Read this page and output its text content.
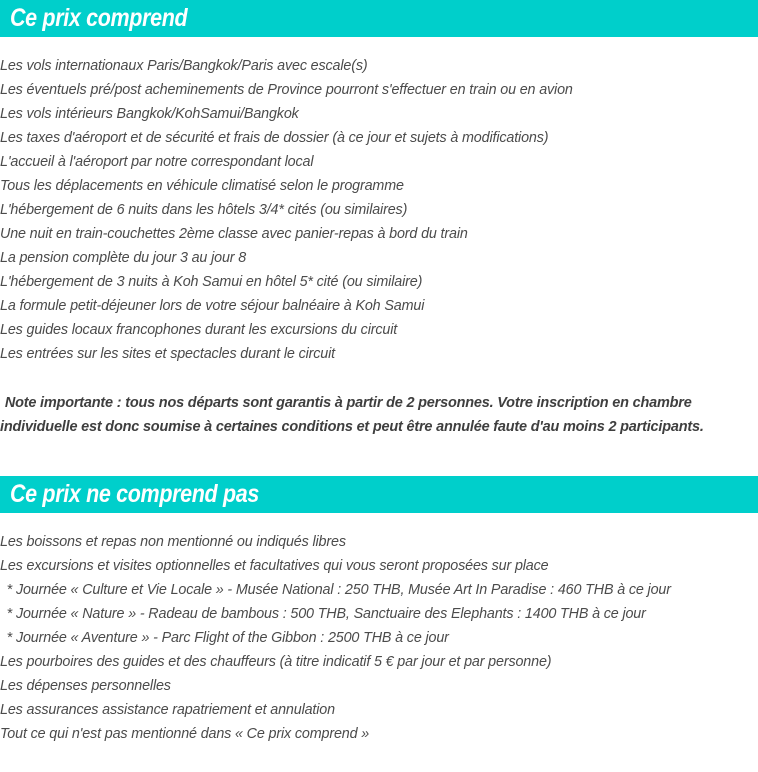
Ce prix comprend
Les vols internationaux Paris/Bangkok/Paris avec escale(s)
Les éventuels pré/post acheminements de Province pourront s'effectuer en train ou en avion
Les vols intérieurs Bangkok/KohSamui/Bangkok
Les taxes d'aéroport et de sécurité et frais de dossier (à ce jour et sujets à modifications)
L'accueil à l'aéroport par notre correspondant local
Tous les déplacements en véhicule climatisé selon le programme
L'hébergement de 6 nuits dans les hôtels 3/4* cités (ou similaires)
Une nuit en train-couchettes 2ème classe avec panier-repas à bord du train
La pension complète du jour 3 au jour 8
L'hébergement de 3 nuits à Koh Samui en hôtel 5* cité (ou similaire)
La formule petit-déjeuner lors de votre séjour balnéaire à Koh Samui
Les guides locaux francophones durant les excursions du circuit
Les entrées sur les sites et spectacles durant le circuit
Note importante : tous nos départs sont garantis à partir de 2 personnes. Votre inscription en chambre
individuelle est donc soumise à certaines conditions et peut être annulée faute d'au moins 2 participants.
Ce prix ne comprend pas
Les boissons et repas non mentionné ou indiqués libres
Les excursions et visites optionnelles et facultatives qui vous seront proposées sur place
* Journée « Culture et Vie Locale » - Musée National : 250 THB, Musée Art In Paradise : 460 THB à ce jour
* Journée « Nature » - Radeau de bambous : 500 THB, Sanctuaire des Elephants : 1400 THB à ce jour
* Journée « Aventure » - Parc Flight of the Gibbon : 2500 THB à ce jour
Les pourboires des guides et des chauffeurs (à titre indicatif 5 € par jour et par personne)
Les dépenses personnelles
Les assurances assistance rapatriement et annulation
Tout ce qui n'est pas mentionné dans « Ce prix comprend »
